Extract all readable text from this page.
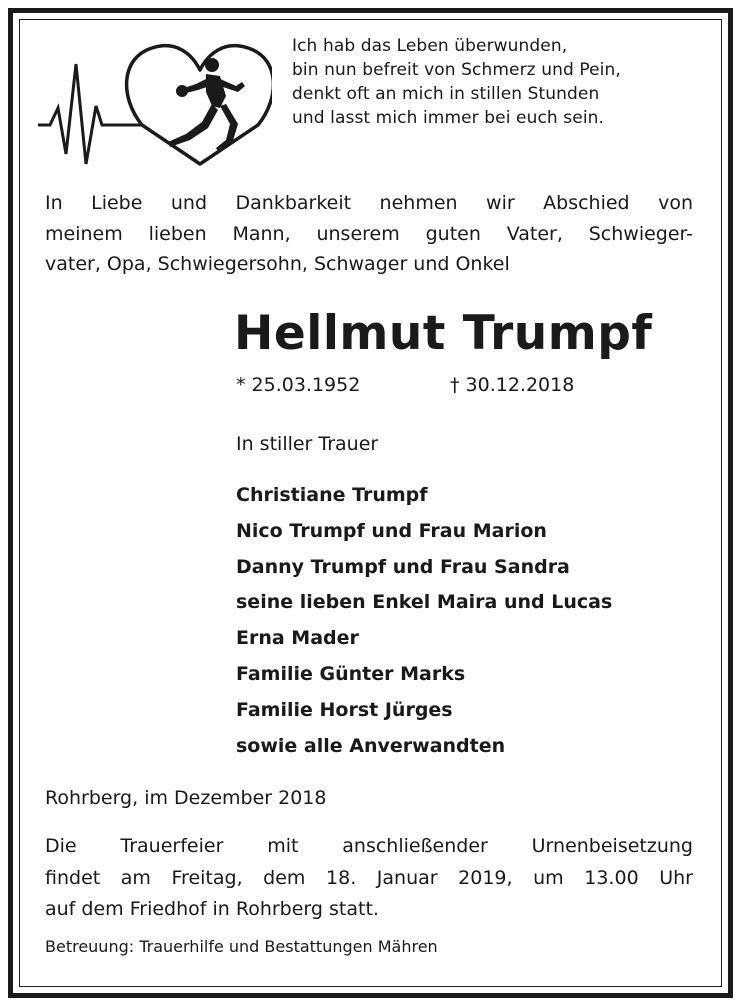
Ich hab das Leben überwunden,
bin nun befreit von Schmerz und Pein,
denkt oft an mich in stillen Stunden
und lasst mich immer bei euch sein.
In Liebe und Dankbarkeit nehmen wir Abschied von
meinem lieben Mann, unserem guten Vater, Schwieger-
vater, Opa, Schwiegersohn, Schwager und Onkel
Hellmut Trumpf
* 25.03.1952	† 30.12.2018
In stiller Trauer
Christiane Trumpf
Nico Trumpf und Frau Marion
Danny Trumpf und Frau Sandra
seine lieben Enkel Maira und Lucas
Erna Mader
Familie Günter Marks
Familie Horst Jürges
sowie alle Anverwandten
Rohrberg, im Dezember 2018
Die Trauerfeier mit anschließender Urnenbeisetzung
findet am Freitag, dem 18. Januar 2019, um 13.00 Uhr
auf dem Friedhof in Rohrberg statt.
Betreuung: Trauerhilfe und Bestattungen Mähren
